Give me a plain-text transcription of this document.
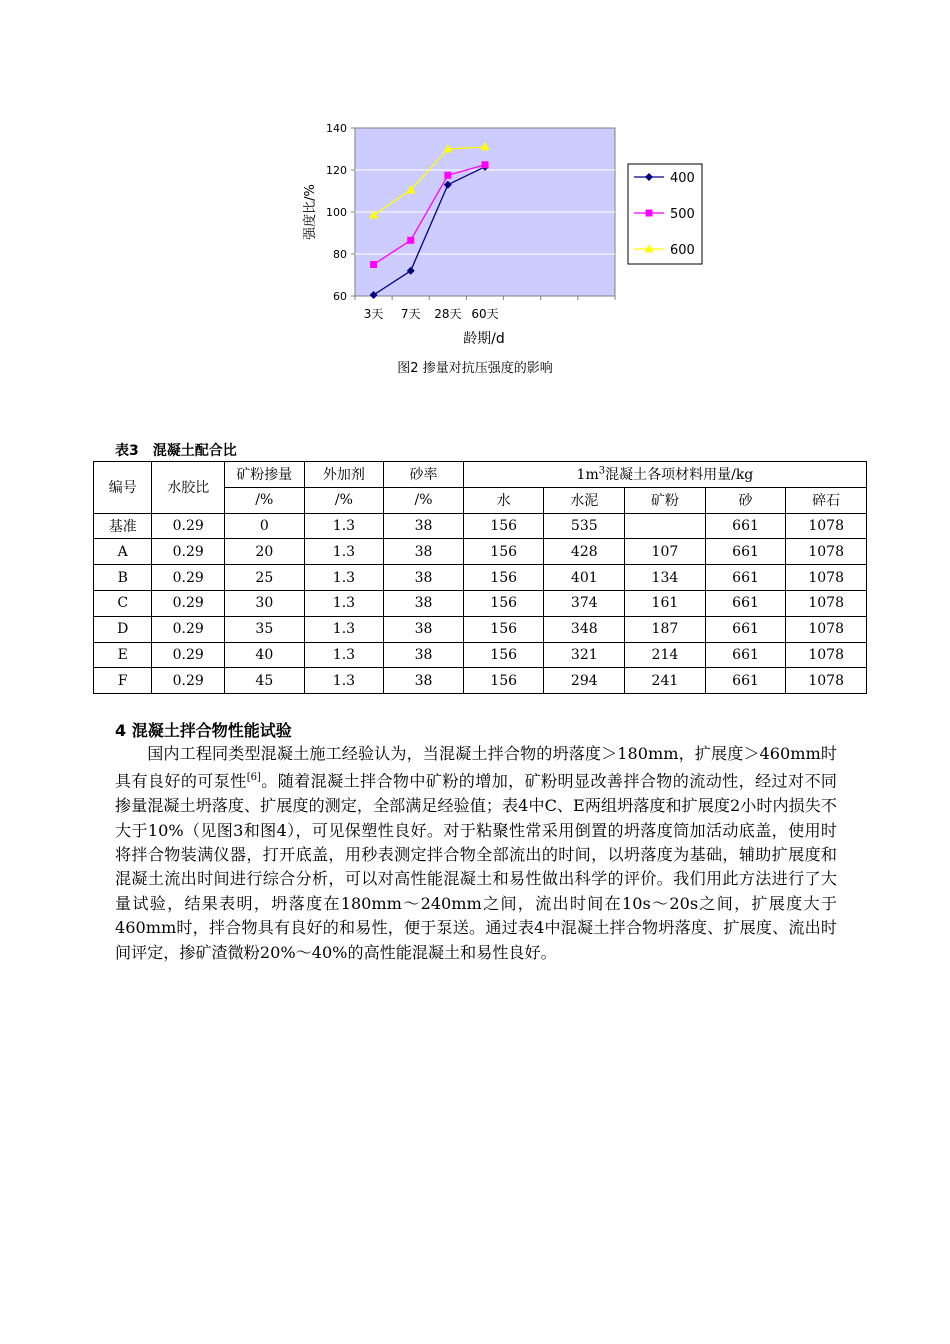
60
80
100
120
140
3天 7天 28天 60天
强度比/%
龄期/d
400
500
600
图2 掺量对抗压强度的影响
表3 混凝土配合比
编号	水胶比	矿粉掺量	外加剂	砂率	$1m^3$混凝土各项材料用量/kg				
		/%	/%	/%	水	水泥	矿粉	砂	碎石
基准	0.29	0	1.3	38	156	535		661	1078
A	0.29	20	1.3	38	156	428	107	661	1078
B	0.29	25	1.3	38	156	401	134	661	1078
C	0.29	30	1.3	38	156	374	161	661	1078
D	0.29	35	1.3	38	156	348	187	661	1078
E	0.29	40	1.3	38	156	321	214	661	1078
F	0.29	45	1.3	38	156	294	241	661	1078
4 混凝土拌合物性能试验

国内工程同类型混凝土施工经验认为，当混凝土拌合物的坍落度＞180mm，扩展度＞460mm时具有良好的可泵性[6]。随着混凝土拌合物中矿粉的增加，矿粉明显改善拌合物的流动性，经过对不同掺量混凝土坍落度、扩展度的测定，全部满足经验值；表4中C、E两组坍落度和扩展度2小时内损失不大于10%（见图3和图4），可见保塑性良好。对于粘聚性常采用倒置的坍落度筒加活动底盖，使用时将拌合物装满仪器，打开底盖，用秒表测定拌合物全部流出的时间，以坍落度为基础，辅助扩展度和混凝土流出时间进行综合分析，可以对高性能混凝土和易性做出科学的评价。我们用此方法进行了大量试验，结果表明，坍落度在180mm～240mm之间，流出时间在10s～20s之间，扩展度大于460mm时，拌合物具有良好的和易性，便于泵送。通过表4中混凝土拌合物坍落度、扩展度、流出时间评定，掺矿渣微粉20%～40%的高性能混凝土和易性良好。
